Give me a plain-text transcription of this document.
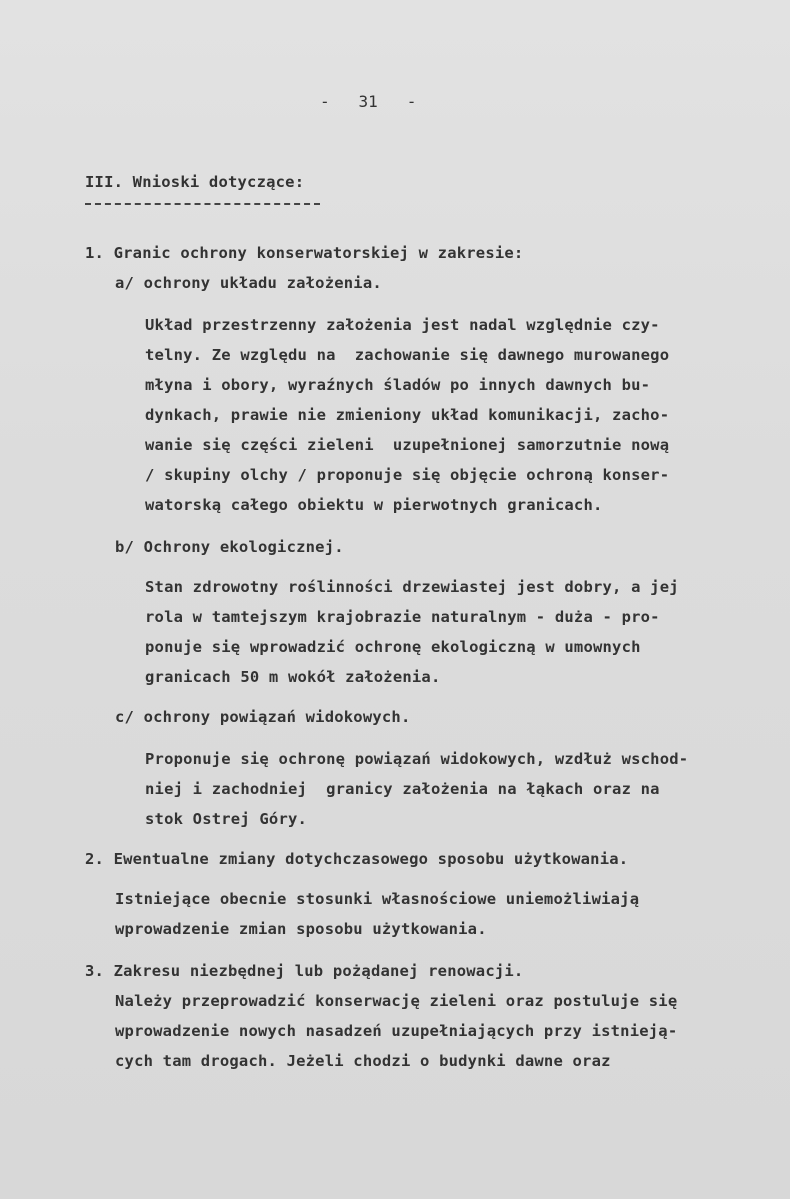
-   31   -
III. Wnioski dotyczące:
1. Granic ochrony konserwatorskiej w zakresie:
a/ ochrony układu założenia.
Układ przestrzenny założenia jest nadal względnie czy-
telny. Ze względu na  zachowanie się dawnego murowanego
młyna i obory, wyraźnych śladów po innych dawnych bu-
dynkach, prawie nie zmieniony układ komunikacji, zacho-
wanie się części zieleni  uzupełnionej samorzutnie nową
/ skupiny olchy / proponuje się objęcie ochroną konser-
watorską całego obiektu w pierwotnych granicach.
b/ Ochrony ekologicznej.
Stan zdrowotny roślinności drzewiastej jest dobry, a jej
rola w tamtejszym krajobrazie naturalnym - duża - pro-
ponuje się wprowadzić ochronę ekologiczną w umownych
granicach 50 m wokół założenia.
c/ ochrony powiązań widokowych.
Proponuje się ochronę powiązań widokowych, wzdłuż wschod-
niej i zachodniej  granicy założenia na łąkach oraz na
stok Ostrej Góry.
2. Ewentualne zmiany dotychczasowego sposobu użytkowania.
Istniejące obecnie stosunki własnościowe uniemożliwiają
wprowadzenie zmian sposobu użytkowania.
3. Zakresu niezbędnej lub pożądanej renowacji.
Należy przeprowadzić konserwację zieleni oraz postuluje się
wprowadzenie nowych nasadzeń uzupełniających przy istnieją-
cych tam drogach. Jeżeli chodzi o budynki dawne oraz
